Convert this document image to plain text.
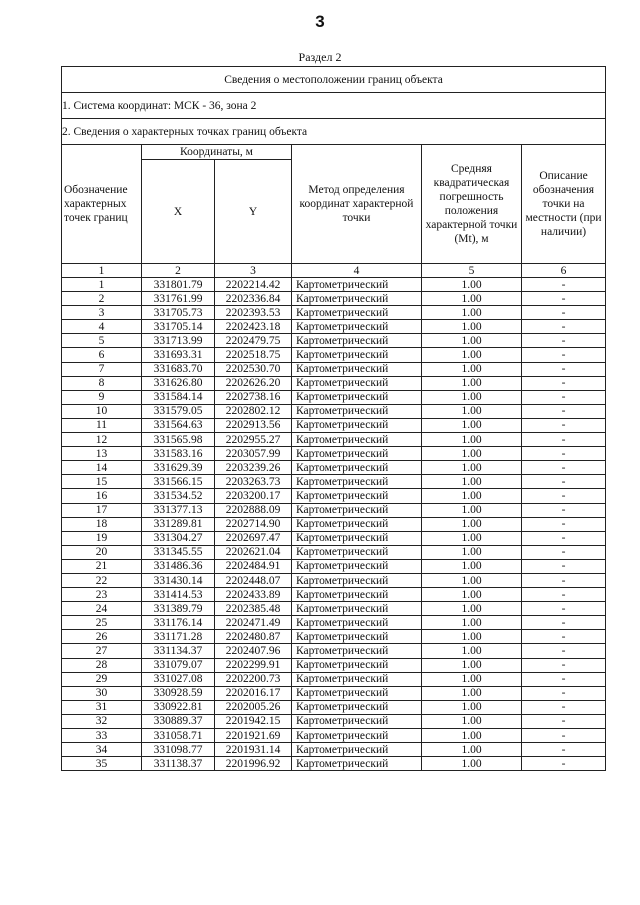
3
Раздел 2
Сведения о местоположении границ объекта					
1. Система координат: МСК - 36, зона 2					
2. Сведения о характерных точках границ объекта					
Обозначение характерных точек границ	Координаты, м		Метод определения координат характерной точки	Средняя квадратическая погрешность положения характерной точки (Mt), м	Описание обозначения точки на местности (при наличии)
	X	Y			
1	2	3	4	5	6
1	331801.79	2202214.42	Картометрический	1.00	-
2	331761.99	2202336.84	Картометрический	1.00	-
3	331705.73	2202393.53	Картометрический	1.00	-
4	331705.14	2202423.18	Картометрический	1.00	-
5	331713.99	2202479.75	Картометрический	1.00	-
6	331693.31	2202518.75	Картометрический	1.00	-
7	331683.70	2202530.70	Картометрический	1.00	-
8	331626.80	2202626.20	Картометрический	1.00	-
9	331584.14	2202738.16	Картометрический	1.00	-
10	331579.05	2202802.12	Картометрический	1.00	-
11	331564.63	2202913.56	Картометрический	1.00	-
12	331565.98	2202955.27	Картометрический	1.00	-
13	331583.16	2203057.99	Картометрический	1.00	-
14	331629.39	2203239.26	Картометрический	1.00	-
15	331566.15	2203263.73	Картометрический	1.00	-
16	331534.52	2203200.17	Картометрический	1.00	-
17	331377.13	2202888.09	Картометрический	1.00	-
18	331289.81	2202714.90	Картометрический	1.00	-
19	331304.27	2202697.47	Картометрический	1.00	-
20	331345.55	2202621.04	Картометрический	1.00	-
21	331486.36	2202484.91	Картометрический	1.00	-
22	331430.14	2202448.07	Картометрический	1.00	-
23	331414.53	2202433.89	Картометрический	1.00	-
24	331389.79	2202385.48	Картометрический	1.00	-
25	331176.14	2202471.49	Картометрический	1.00	-
26	331171.28	2202480.87	Картометрический	1.00	-
27	331134.37	2202407.96	Картометрический	1.00	-
28	331079.07	2202299.91	Картометрический	1.00	-
29	331027.08	2202200.73	Картометрический	1.00	-
30	330928.59	2202016.17	Картометрический	1.00	-
31	330922.81	2202005.26	Картометрический	1.00	-
32	330889.37	2201942.15	Картометрический	1.00	-
33	331058.71	2201921.69	Картометрический	1.00	-
34	331098.77	2201931.14	Картометрический	1.00	-
35	331138.37	2201996.92	Картометрический	1.00	-
